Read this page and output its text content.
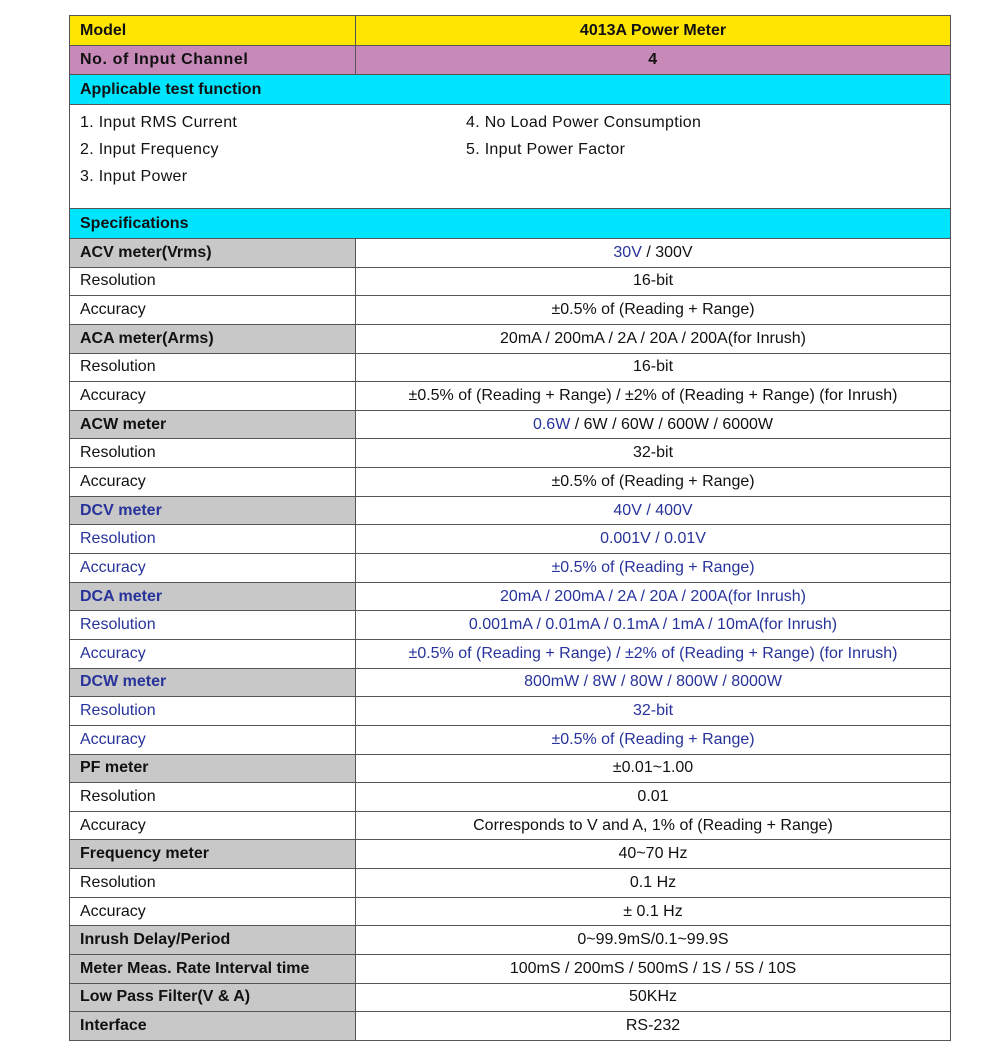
Model	4013A Power Meter
No. of Input Channel	4
Applicable test function	

1. Input RMS Current
2. Input Frequency
3. Input Power
4. No Load Power Consumption
5. Input Power Factor	

Specifications	
ACV meter(Vrms)	30V / 300V
Resolution	16-bit
Accuracy	±0.5% of (Reading + Range)
ACA meter(Arms)	20mA / 200mA / 2A / 20A / 200A(for Inrush)
Resolution	16-bit
Accuracy	±0.5% of (Reading + Range) / ±2% of (Reading + Range) (for Inrush)
ACW meter	0.6W / 6W / 60W / 600W / 6000W
Resolution	32-bit
Accuracy	±0.5% of (Reading + Range)
DCV meter	40V / 400V
Resolution	0.001V / 0.01V
Accuracy	±0.5% of (Reading + Range)
DCA meter	20mA / 200mA / 2A / 20A / 200A(for Inrush)
Resolution	0.001mA / 0.01mA / 0.1mA / 1mA / 10mA(for Inrush)
Accuracy	±0.5% of (Reading + Range) / ±2% of (Reading + Range) (for Inrush)
DCW meter	800mW / 8W / 80W / 800W / 8000W
Resolution	32-bit
Accuracy	±0.5% of (Reading + Range)
PF meter	±0.01~1.00
Resolution	0.01
Accuracy	Corresponds to V and A, 1% of (Reading + Range)
Frequency meter	40~70 Hz
Resolution	0.1 Hz
Accuracy	± 0.1 Hz
Inrush Delay/Period	0~99.9mS/0.1~99.9S
Meter Meas. Rate Interval time	100mS / 200mS / 500mS / 1S / 5S / 10S
Low Pass Filter(V & A)	50KHz
Interface	RS-232
